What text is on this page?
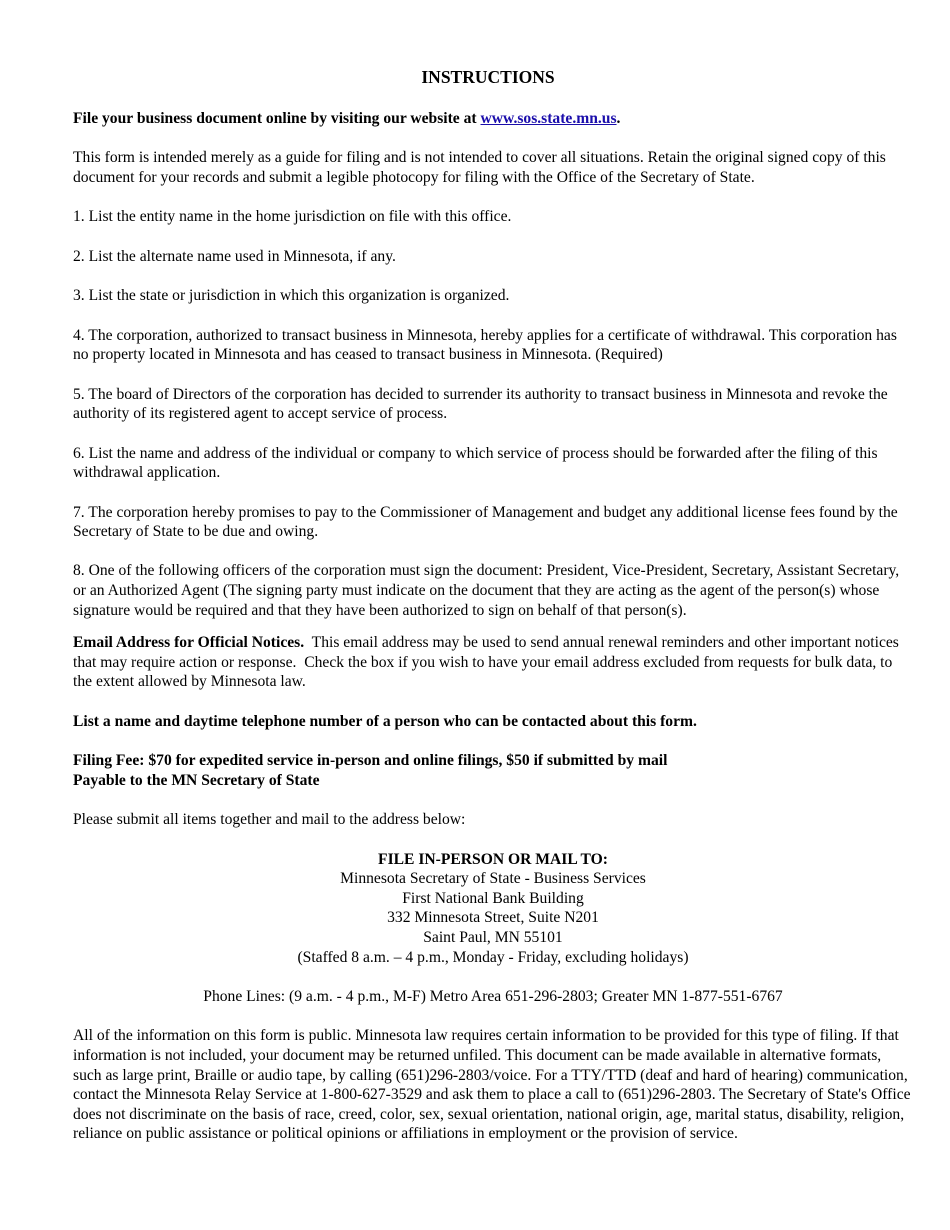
INSTRUCTIONS

File your business document online by visiting our website at www.sos.state.mn.us.

This form is intended merely as a guide for filing and is not intended to cover all situations. Retain the original signed copy of this document for your records and submit a legible photocopy for filing with the Office of the Secretary of State.

1. List the entity name in the home jurisdiction on file with this office.

2. List the alternate name used in Minnesota, if any.

3. List the state or jurisdiction in which this organization is organized.

4. The corporation, authorized to transact business in Minnesota, hereby applies for a certificate of withdrawal. This corporation has no property located in Minnesota and has ceased to transact business in Minnesota. (Required)

5. The board of Directors of the corporation has decided to surrender its authority to transact business in Minnesota and revoke the authority of its registered agent to accept service of process.

6. List the name and address of the individual or company to which service of process should be forwarded after the filing of this withdrawal application.

7. The corporation hereby promises to pay to the Commissioner of Management and budget any additional license fees found by the Secretary of State to be due and owing.

8. One of the following officers of the corporation must sign the document: President, Vice-President, Secretary, Assistant Secretary, or an Authorized Agent (The signing party must indicate on the document that they are acting as the agent of the person(s) whose signature would be required and that they have been authorized to sign on behalf of that person(s).

Email Address for Official Notices.  This email address may be used to send annual renewal reminders and other important notices that may require action or response.  Check the box if you wish to have your email address excluded from requests for bulk data, to the extent allowed by Minnesota law.

List a name and daytime telephone number of a person who can be contacted about this form.

Filing Fee: $70 for expedited service in-person and online filings, $50 if submitted by mail
Payable to the MN Secretary of State

Please submit all items together and mail to the address below:

FILE IN-PERSON OR MAIL TO:
Minnesota Secretary of State - Business Services
First National Bank Building
332 Minnesota Street, Suite N201
Saint Paul, MN 55101
(Staffed 8 a.m. – 4 p.m., Monday - Friday, excluding holidays)
Phone Lines: (9 a.m. - 4 p.m., M-F) Metro Area 651-296-2803; Greater MN 1-877-551-6767

All of the information on this form is public. Minnesota law requires certain information to be provided for this type of filing. If that information is not included, your document may be returned unfiled. This document can be made available in alternative formats, such as large print, Braille or audio tape, by calling (651)296-2803/voice. For a TTY/TTD (deaf and hard of hearing) communication, contact the Minnesota Relay Service at 1-800-627-3529 and ask them to place a call to (651)296-2803. The Secretary of State's Office does not discriminate on the basis of race, creed, color, sex, sexual orientation, national origin, age, marital status, disability, religion, reliance on public assistance or political opinions or affiliations in employment or the provision of service.
